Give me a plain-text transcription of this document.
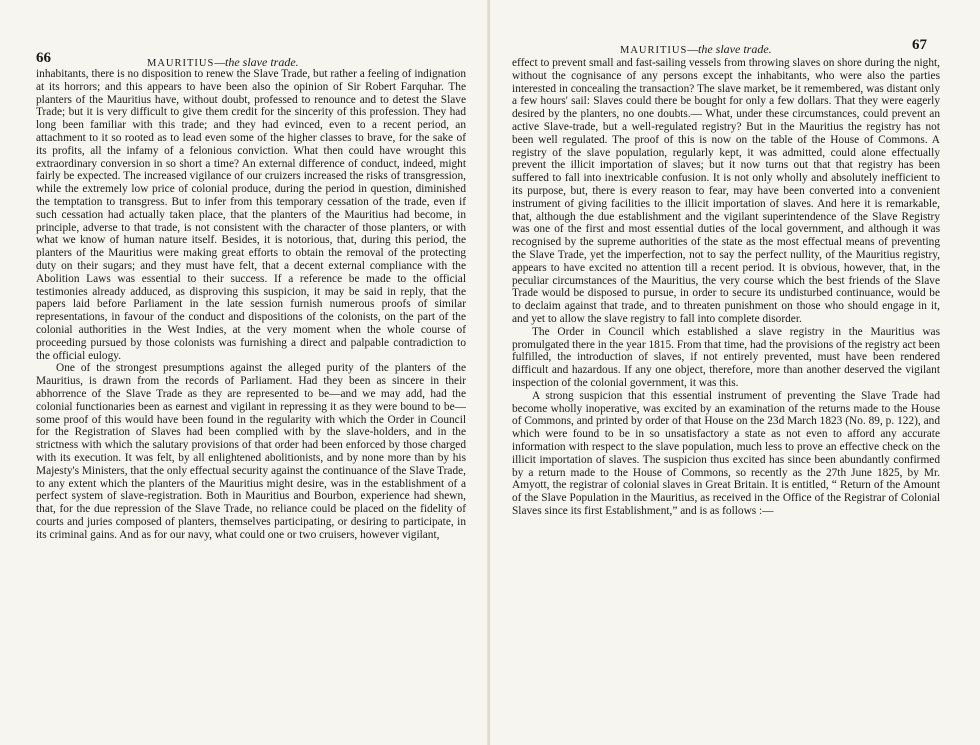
66	MAURITIUS—the slave trade.

inhabitants, there is no disposition to renew the Slave Trade, but rather a feeling of indignation at its horrors; and this appears to have been also the opinion of Sir Robert Farquhar. The planters of the Mauritius have, without doubt, professed to renounce and to detest the Slave Trade; but it is very difficult to give them credit for the sincerity of this profession. They had long been familiar with this trade; and they had evinced, even to a recent period, an attachment to it so rooted as to lead even some of the higher classes to brave, for the sake of its profits, all the infamy of a felonious conviction. What then could have wrought this extraordinary conversion in so short a time? An external difference of conduct, indeed, might fairly be expected. The increased vigilance of our cruizers increased the risks of transgression, while the extremely low price of colonial produce, during the period in question, diminished the temptation to transgress. But to infer from this temporary cessation of the trade, even if such cessation had actually taken place, that the planters of the Mauritius had become, in principle, adverse to that trade, is not consistent with the character of those planters, or with what we know of human nature itself. Besides, it is notorious, that, during this period, the planters of the Mauritius were making great efforts to obtain the removal of the protecting duty on their sugars; and they must have felt, that a decent external compliance with the Abolition Laws was essential to their success. If a reference be made to the official testimonies already adduced, as disproving this suspicion, it may be said in reply, that the papers laid before Parliament in the late session furnish numerous proofs of similar representations, in favour of the conduct and dispositions of the colonists, on the part of the colonial authorities in the West Indies, at the very moment when the whole course of proceeding pursued by those colonists was furnishing a direct and palpable contradiction to the official eulogy.

One of the strongest presumptions against the alleged purity of the planters of the Mauritius, is drawn from the records of Parliament. Had they been as sincere in their abhorrence of the Slave Trade as they are represented to be—and we may add, had the colonial functionaries been as earnest and vigilant in repressing it as they were bound to be—some proof of this would have been found in the regularity with which the Order in Council for the Registration of Slaves had been complied with by the slave-holders, and in the strictness with which the salutary provisions of that order had been enforced by those charged with its execution. It was felt, by all enlightened abolitionists, and by none more than by his Majesty's Ministers, that the only effectual security against the continuance of the Slave Trade, to any extent which the planters of the Mauritius might desire, was in the establishment of a perfect system of slave-registration. Both in Mauritius and Bourbon, experience had shewn, that, for the due repression of the Slave Trade, no reliance could be placed on the fidelity of courts and juries composed of planters, themselves participating, or desiring to participate, in its criminal gains. And as for our navy, what could one or two cruisers, however vigilant,

MAURITIUS—the slave trade.	67

effect to prevent small and fast-sailing vessels from throwing slaves on shore during the night, without the cognisance of any persons except the inhabitants, who were also the parties interested in concealing the transaction? The slave market, be it remembered, was distant only a few hours' sail: Slaves could there be bought for only a few dollars. That they were eagerly desired by the planters, no one doubts.— What, under these circumstances, could prevent an active Slave-trade, but a well-regulated registry? But in the Mauritius the registry has not been well regulated. The proof of this is now on the table of the House of Commons. A registry of the slave population, regularly kept, it was admitted, could alone effectually prevent the illicit importation of slaves; but it now turns out that that registry has been suffered to fall into inextricable confusion. It is not only wholly and absolutely inefficient to its purpose, but, there is every reason to fear, may have been converted into a convenient instrument of giving facilities to the illicit importation of slaves. And here it is remarkable, that, although the due establishment and the vigilant superintendence of the Slave Registry was one of the first and most essential duties of the local government, and although it was recognised by the supreme authorities of the state as the most effectual means of preventing the Slave Trade, yet the imperfection, not to say the perfect nullity, of the Mauritius registry, appears to have excited no attention till a recent period. It is obvious, however, that, in the peculiar circumstances of the Mauritius, the very course which the best friends of the Slave Trade would be disposed to pursue, in order to secure its undisturbed continuance, would be to declaim against that trade, and to threaten punishment on those who should engage in it, and yet to allow the slave registry to fall into complete disorder.

The Order in Council which established a slave registry in the Mauritius was promulgated there in the year 1815. From that time, had the provisions of the registry act been fulfilled, the introduction of slaves, if not entirely prevented, must have been rendered difficult and hazardous. If any one object, therefore, more than another deserved the vigilant inspection of the colonial government, it was this.

A strong suspicion that this essential instrument of preventing the Slave Trade had become wholly inoperative, was excited by an examination of the returns made to the House of Commons, and printed by order of that House on the 23d March 1823 (No. 89, p. 122), and which were found to be in so unsatisfactory a state as not even to afford any accurate information with respect to the slave population, much less to prove an effective check on the illicit importation of slaves. The suspicion thus excited has since been abundantly confirmed by a return made to the House of Commons, so recently as the 27th June 1825, by Mr. Amyott, the registrar of colonial slaves in Great Britain. It is entitled, “ Return of the Amount of the Slave Population in the Mauritius, as received in the Office of the Registrar of Colonial Slaves since its first Establishment,” and is as follows :—
